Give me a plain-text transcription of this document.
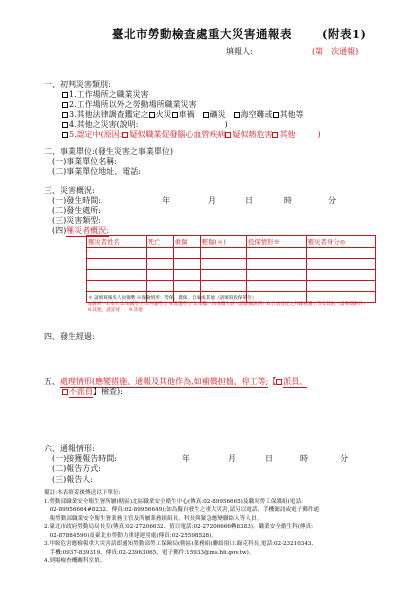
臺北市勞動檢查處重大災害通報表	(附表1)
填報人:	(第　次通報)
一、初判災害類別:
1.工作場所之職業災害
2.工作場所以外之勞動場所職業災害
3.其他法律調查鑑定之 火災 車禍　 礦災　 海空難或 其他等
4.其他之災害(說明:	)
5.認定中(原因: 疑似職業促發腦心血管疾病 疑似熱危害 其他	)
二、事業單位:(發生災害之事業單位)
(一)事業單位名稱:
(二)事業單位地址、電話:
三、災害概況:
(一)發生時間:	年	月	日	時	分
(二)發生處所:
(三)災害類型:
(四)罹災者概況:
罹災者姓名	死亡	重傷	輕傷(＊)	投保情形※	罹災者身分◎

＊ 請填寫罹災人員傷勢 ※保險情形：勞保、農保、自雇或其他（請填寫投保單位）
◎說明：1.本人 2.本國勞工 3.外籍勞工 4.派遣勞工 5.承攬、再承攬人員（請詳細說明）6.合法登記之外籍看護工等及其他（請參閱附件）
8.其他，請詳述　　9.其他
四、發生經過:
五、處理情形(應變措施、通報及其他作為,如補償担恤、停工等;【 派員、
不派員】檢查):
六、通報情形:
(一)接獲報告時間:	年	月	日	時	分
(二)報告方式:
(三)報告人:
備註:本表填妥後傳送以下單位:
1.勞動部職業安全衛生署所屬(轄區)北區職業安全衛生中心(傳真:02-89956665)及職災勞工保護組(電話:
　02-89956664#8232、傳真:02-89956649);如為擬自發生之重大災害,請另以電話、手機簡訊或電子郵件通
　報勞動部職業安全衛生署業務主管及所屬業務組組長、科長與緊急應變聯絡人等人員。
2.臺北市政府勞動局局長室(傳真:02-27206632、值日電話:02-27206666轉8383)、職業安全衛生科(傳真:
　02-87884590)及臺北市勞動力重建運用處(傳真:02-25598528)。
3.甲級危害應檢報重大災害請即通知勞動部勞工保險局(轄區)業務組(聯絡窗口:錄克科長,電話:02-23210343、
　手機:0937-839319、傳真:02-23963065、電子郵件:15933@ms.bli.gov.tw)。
4.到場檢查機關科室填。
